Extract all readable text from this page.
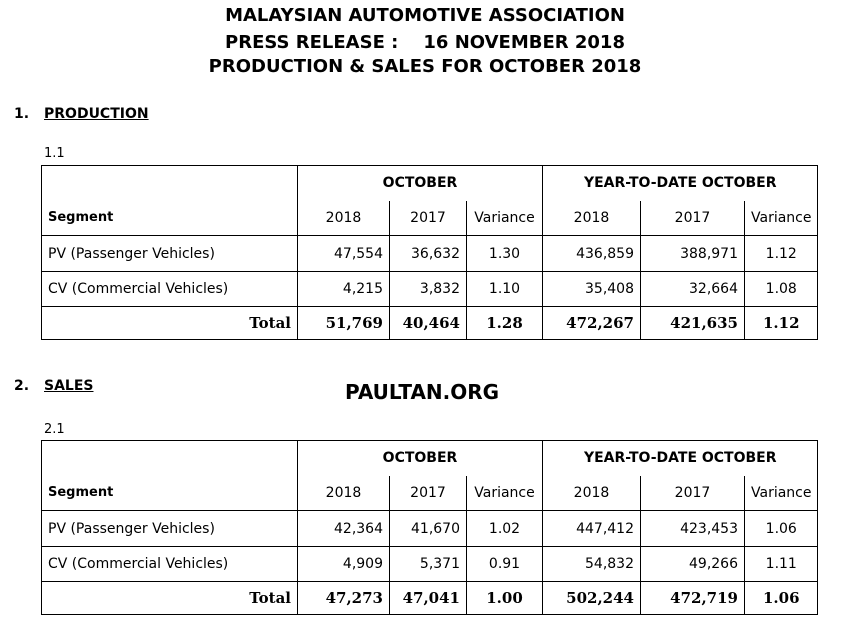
MALAYSIAN AUTOMOTIVE ASSOCIATION
PRESS RELEASE :    16 NOVEMBER 2018
PRODUCTION & SALES FOR OCTOBER 2018
1. PRODUCTION
1.1
Segment	OCTOBER			YEAR-TO-DATE OCTOBER		
	2018	2017	Variance	2018	2017	Variance
PV (Passenger Vehicles)	47,554	36,632	1.30	436,859	388,971	1.12
CV (Commercial Vehicles)	4,215	3,832	1.10	35,408	32,664	1.08
Total	51,769	40,464	1.28	472,267	421,635	1.12
2. SALES	PAULTAN.ORG
2.1
Segment	OCTOBER			YEAR-TO-DATE OCTOBER		
	2018	2017	Variance	2018	2017	Variance
PV (Passenger Vehicles)	42,364	41,670	1.02	447,412	423,453	1.06
CV (Commercial Vehicles)	4,909	5,371	0.91	54,832	49,266	1.11
Total	47,273	47,041	1.00	502,244	472,719	1.06
